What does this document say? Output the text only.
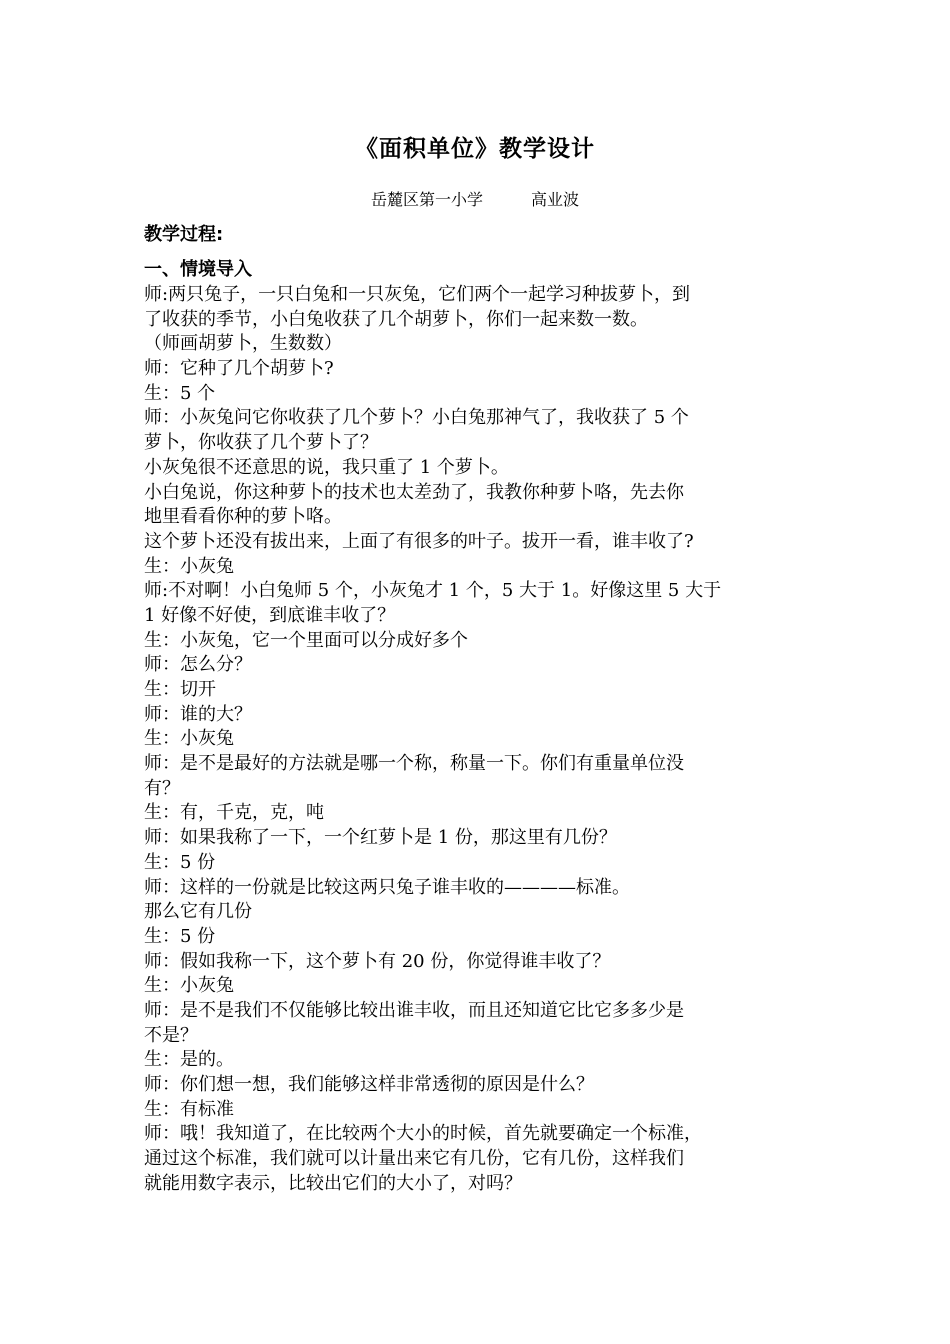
《面积单位》教学设计
岳麓区第一小学	高业波
教学过程:
一、情境导入
师:两只兔子，一只白兔和一只灰兔，它们两个一起学习种拔萝卜，到
了收获的季节，小白兔收获了几个胡萝卜，你们一起来数一数。
（师画胡萝卜，生数数）
师：它种了几个胡萝卜?
生：5 个
师：小灰兔问它你收获了几个萝卜？小白兔那神气了，我收获了 5 个
萝卜，你收获了几个萝卜了？
小灰兔很不还意思的说，我只重了 1 个萝卜。
小白兔说，你这种萝卜的技术也太差劲了，我教你种萝卜咯，先去你
地里看看你种的萝卜咯。
这个萝卜还没有拔出来，上面了有很多的叶子。拔开一看，谁丰收了?
生：小灰兔
师:不对啊！小白兔师 5 个，小灰兔才 1 个，5 大于 1。好像这里 5 大于
1 好像不好使，到底谁丰收了？
生：小灰兔，它一个里面可以分成好多个
师：怎么分？
生：切开
师：谁的大？
生：小灰兔
师：是不是最好的方法就是哪一个称，称量一下。你们有重量单位没
有？
生：有，千克，克，吨
师：如果我称了一下，一个红萝卜是 1 份，那这里有几份？
生：5 份
师：这样的一份就是比较这两只兔子谁丰收的————标准。
那么它有几份
生：5 份
师：假如我称一下，这个萝卜有 20 份，你觉得谁丰收了？
生：小灰兔
师：是不是我们不仅能够比较出谁丰收，而且还知道它比它多多少是
不是？
生：是的。
师：你们想一想，我们能够这样非常透彻的原因是什么？
生：有标准
师：哦！我知道了，在比较两个大小的时候，首先就要确定一个标准，
通过这个标准，我们就可以计量出来它有几份，它有几份，这样我们
就能用数字表示，比较出它们的大小了，对吗？
